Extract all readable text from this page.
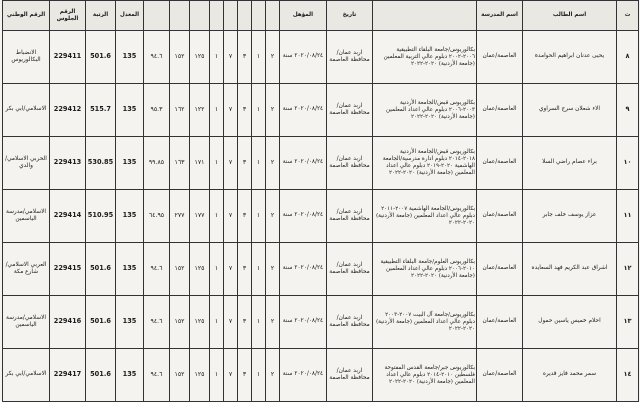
الرقم الوطني	الرقم الجلوس	الرتبة	المعدل									المؤهل	تاريخ		اسم المدرسة	اسم الطالب	ت
الانضباط البكالوريوس	229411	501.6	135	٩٤.٦	١٥٢	١٢٥	١	٧	٣	١	٢	٢٠٢٠/٠٨/٢٤ سنة	اربد عمان/محافظة العاصمة	بكالوريوس/جامعة البلقاء التطبيقية ٢٠٠٦-٢٠٠٢ دبلوم عالي التربية المعلمين (جامعة الأردنية) ٢٠٢٠-٢٠٢٢	العاصمة/عمان	يحيى عدنان ابراهيم الحوامدة	٨
الاسلامي/ابي بكر	229412	515.7	135	٩٥.٣	١٦٢	١٢٢	١	٧	٣	١	٢	٢٠٢٠/٠٨/٢٤ سنة	اربد عمان/محافظة العاصمة	بكالوريوس قبض/الجامعة الأردنية ٢٠٠٣-٢٠٠٦ دبلوم عالي اعداد المعلمين (جامعة الأردنية) ٢٠٢٠-٢٠٢٢	العاصمة/عمان	الاء شعلان سرج السراوي	٩
الحربي الاسلامي/والدي	229413	530.85	135	٩٩.٨٥	١٦٣	١٧١	١	٧	٣	١	٢	٢٠٢٠/٠٨/٢٤ سنة	اربد عمان/محافظة العاصمة	بكالوريوس قبض/الجامعة الأردنية ٢٠١٨-٢٠١٤ دبلوم ادارة مدرسية/الجامعة الهاشمية ٢٠٢٠-٢٠١٩ دبلوم عالي اعداد المعلمين (جامعة الأردنية) ٢٠٢٠-٢٠٢٢	العاصمة/عمان	براء عصام راضي السلا	١٠
الاسلامي/مدرسة الياسمين	229414	510.95	135	٦٤.٩٥	٢٧٧	١٧٧	١	٧	٣	١	٢	٢٠٢٠/٠٨/٢٤ سنة	اربد عمان/محافظة العاصمة	بكالوريوس/الجامعة الهاشمية ٢٠٠٧-٢٠١١ دبلوم عالي اعداد المعلمين (جامعة الأردنية) ٢٠٢٠-٢٠٢٢	العاصمة/عمان	عزاز يوسف خلف جابر	١١
العربي الاسلامي/شارع مكة	229415	501.6	135	٩٤.٦	١٥٢	١٢٥	١	٧	٣	١	٢	٢٠٢٠/٠٨/٢٤ سنة	اربد عمان/محافظة العاصمة	بكالوريوس العلوم/جامعة البلقاء التطبيقية ٢٠١٠-٢٠٠٦ دبلوم عالي اعداد المعلمين (جامعة الأردنية) ٢٠٢٠-٢٠٢٢	العاصمة/عمان	اشراق عبد الكريم فهد السعايده	١٢
الاسلامي/مدرسة الياسمين	229416	501.6	135	٩٤.٦	١٥٢	١٢٥	١	٧	٣	١	٢	٢٠٢٠/٠٨/٢٤ سنة	اربد عمان/محافظة العاصمة	بكالوريوس/جامعة آل البيت ٢٠٠٧-٢٠٠٣ دبلوم عالي اعداد المعلمين (جامعة الأردنية) ٢٠٢٠-٢٠٢٢	العاصمة/عمان	احلام خميس ياسين حمول	١٣
الاسلامي/ابي بكر	229417	501.6	135	٩٤.٦	١٥٢	١٢٥	١	٧	٣	١	٢	٢٠٢٠/٠٨/٢٤ سنة	اربد عمان/محافظة العاصمة	بكالوريوس جبر/جامعة القدس المفتوحة فلسطين ٢٠١٠-٢٠١٤ دبلوم عالي اعداد المعلمين (جامعة الأردنية) ٢٠٢٠-٢٠٢٢	العاصمة/عمان	سمر محمد فايز قديره	١٤
